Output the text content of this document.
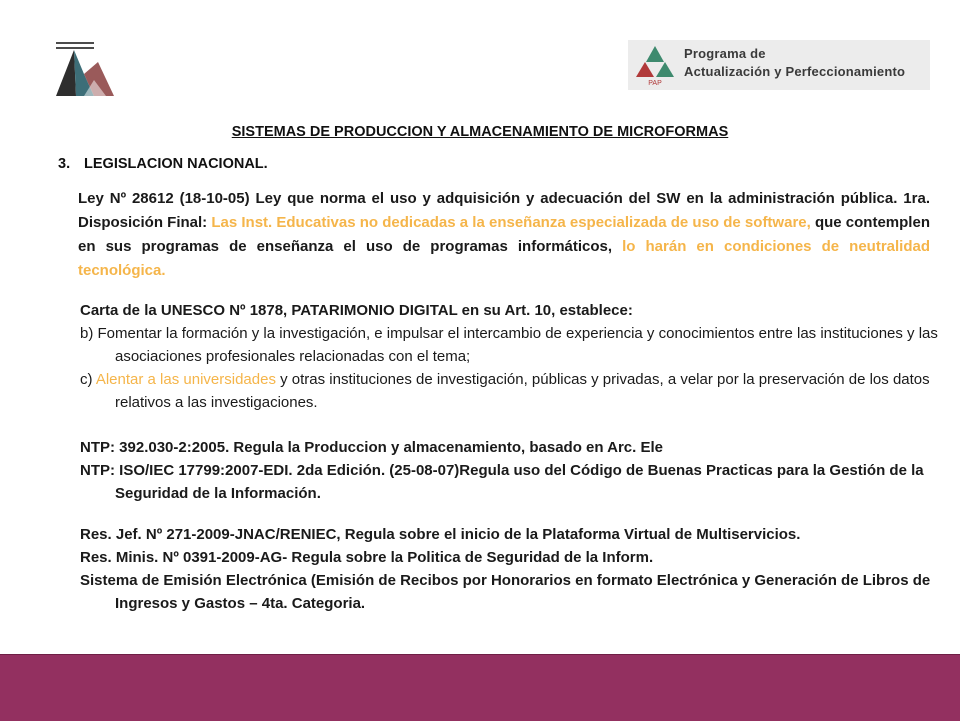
PAP
Programa de
Actualización y Perfeccionamiento
SISTEMAS DE PRODUCCION Y ALMACENAMIENTO DE MICROFORMAS
3. LEGISLACION NACIONAL.
Ley Nº 28612 (18-10-05) Ley que norma el uso y adquisición y adecuación del SW en la administración pública. 1ra. Disposición Final: Las Inst. Educativas no dedicadas a la enseñanza especializada de uso de software, que contemplen en sus programas de enseñanza el uso de programas informáticos, lo harán en condiciones de neutralidad tecnológica.

Carta de la UNESCO Nº 1878, PATARIMONIO DIGITAL en su Art. 10, establece:

b) Fomentar la formación y la investigación, e impulsar el intercambio de experiencia y conocimientos entre las instituciones y las asociaciones profesionales relacionadas con el tema;

c) Alentar a las universidades y otras instituciones de investigación, públicas y privadas, a velar por la preservación de los datos relativos a las investigaciones.

NTP: 392.030-2:2005. Regula la Produccion y almacenamiento, basado en Arc. Ele

NTP: ISO/IEC 17799:2007-EDI. 2da Edición. (25-08-07)Regula uso del Código de Buenas Practicas para la Gestión de la Seguridad de la Información.

Res. Jef. Nº 271-2009-JNAC/RENIEC, Regula sobre el inicio de la Plataforma Virtual de Multiservicios.

Res. Minis. Nº 0391-2009-AG- Regula sobre la Politica de Seguridad de la Inform.

Sistema de Emisión Electrónica (Emisión de Recibos por Honorarios en formato Electrónica y Generación de Libros de Ingresos y Gastos – 4ta. Categoria.
